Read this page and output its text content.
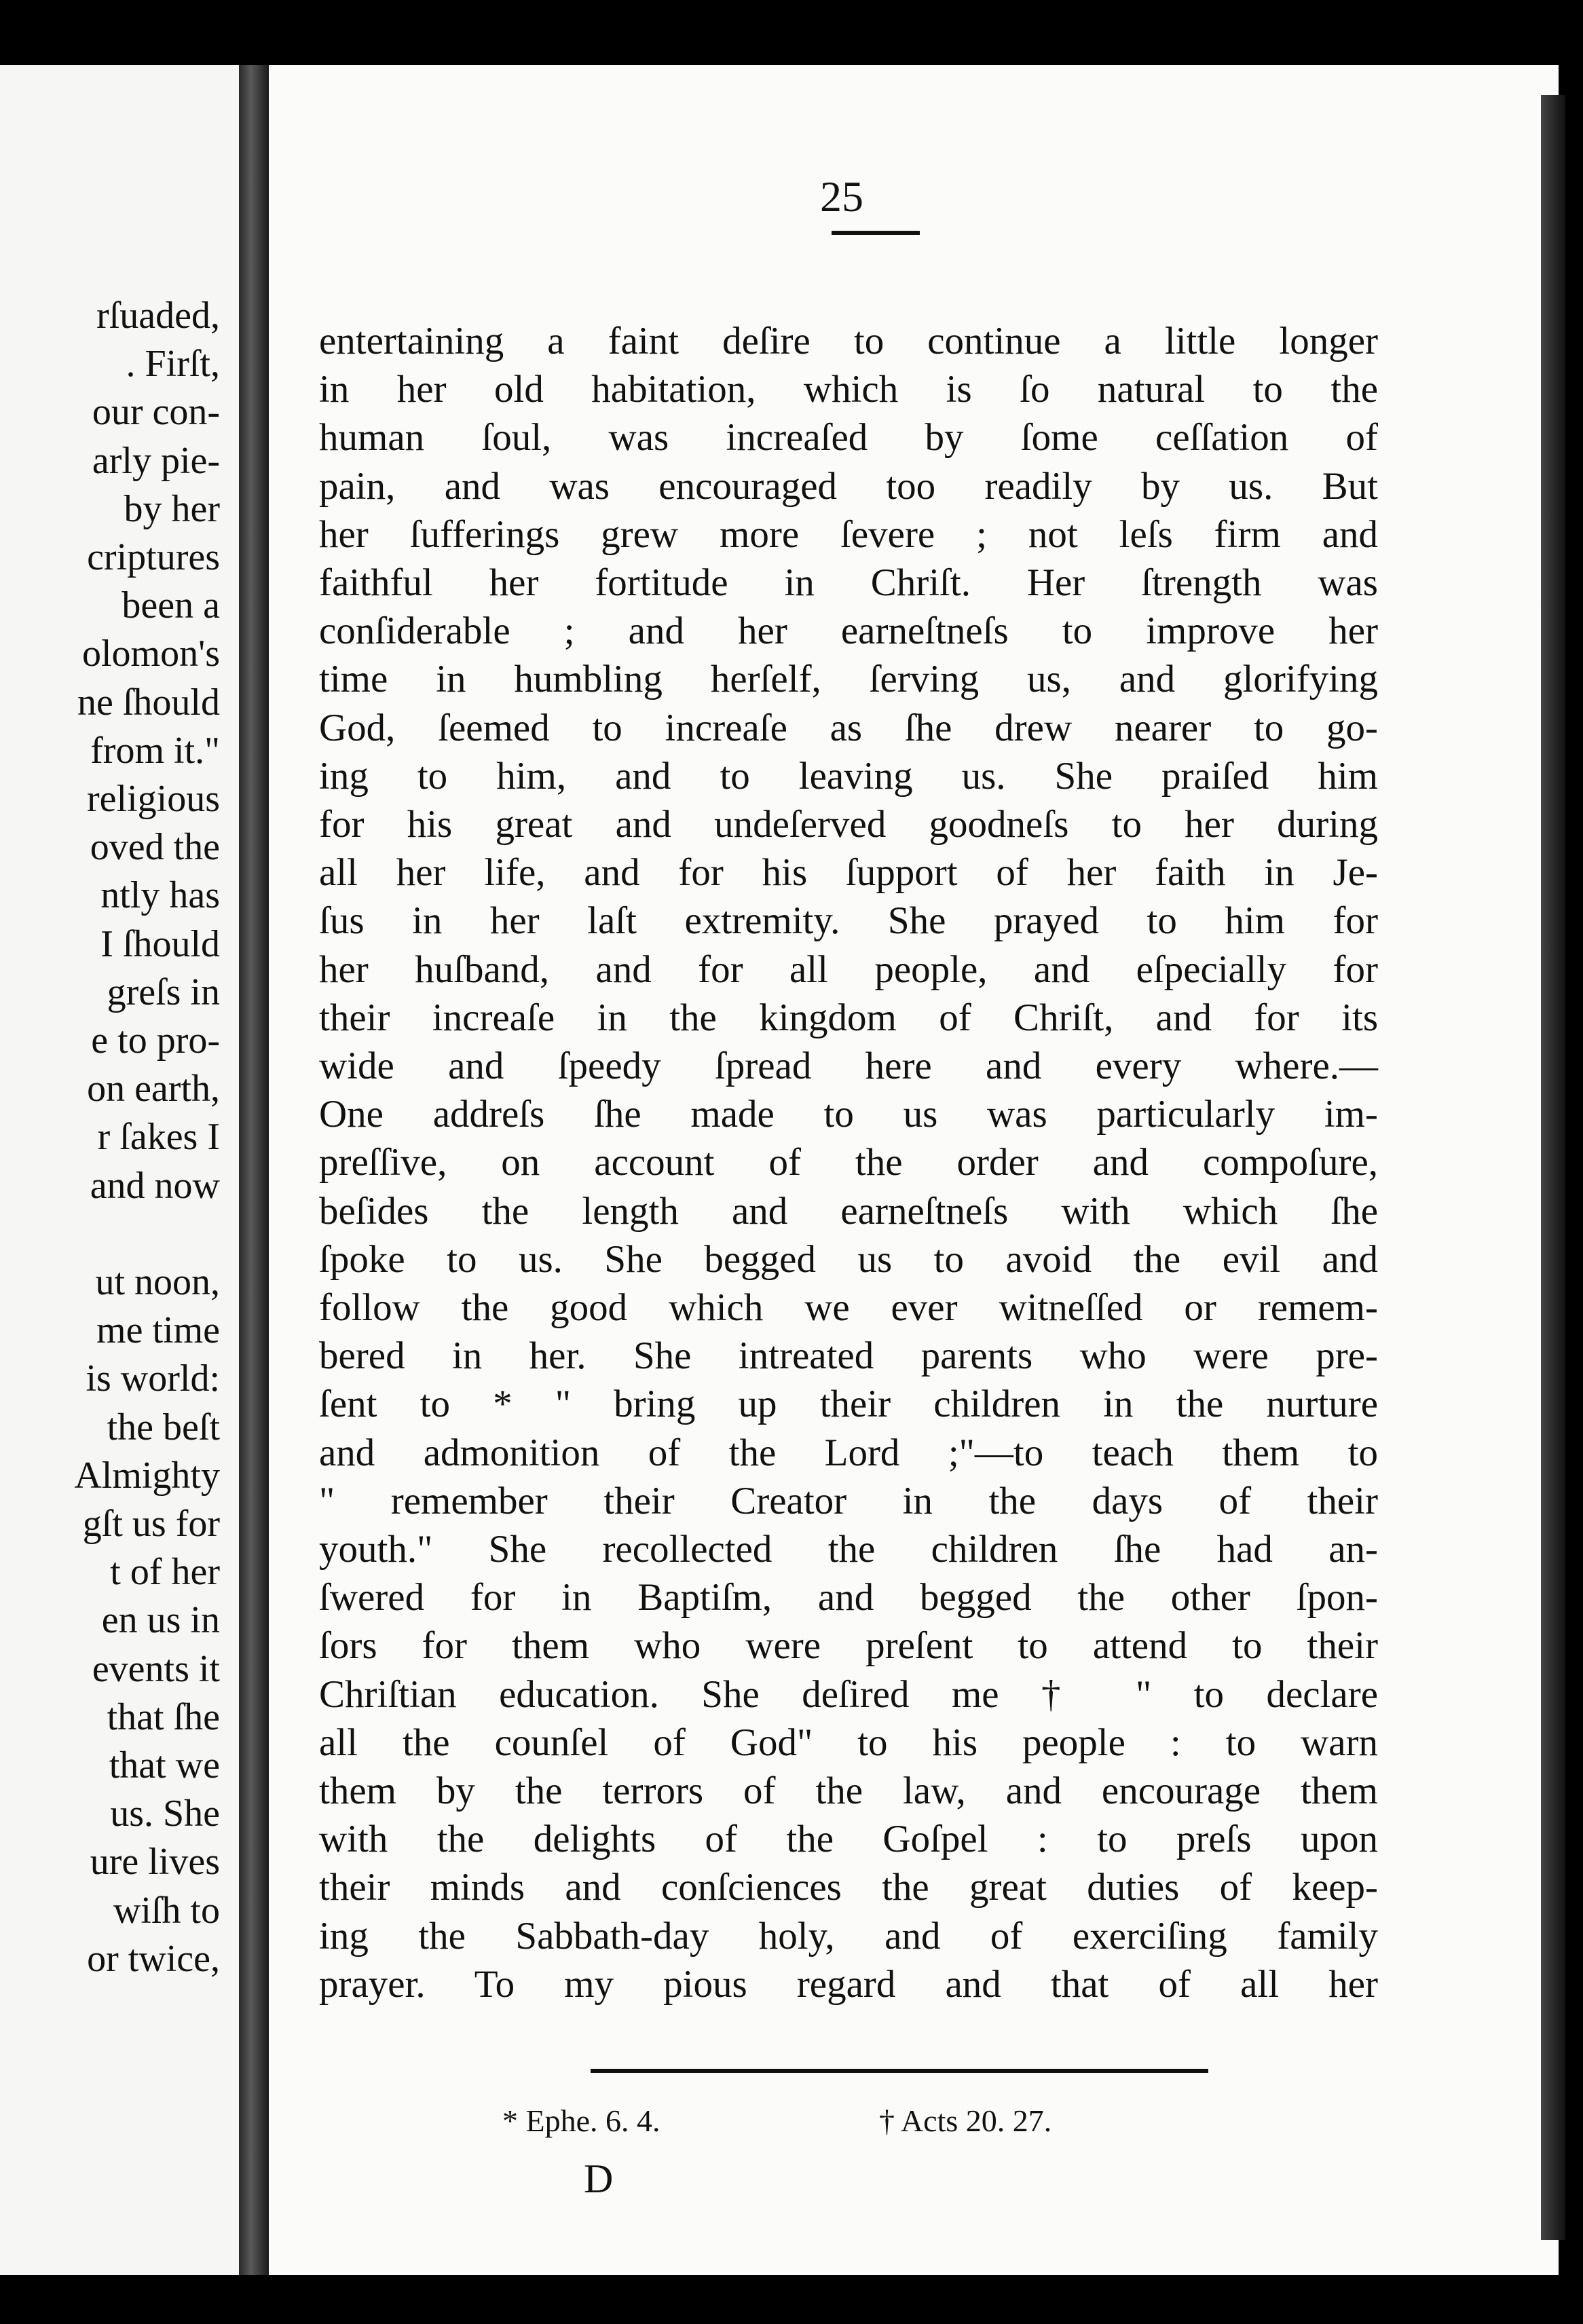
rſuaded,
. Firſt,
our con-
arly pie-
by her
criptures
been a
olomon's
ne ſhould
from it."
religious
oved the
ntly has
I ſhould
greſs in
e to pro-
on earth,
r ſakes I
and now
ut noon,
me time
is world:
the beſt
Almighty
gſt us for
t of her
en us in
events it
that ſhe
that we
us. She
ure lives
wiſh to
or twice,
25
entertaining a faint deſire to continue a little longer
in her old habitation, which is ſo natural to the
human ſoul, was increaſed by ſome ceſſation of
pain, and was encouraged too readily by us. But
her ſufferings grew more ſevere ; not leſs firm and
faithful her fortitude in Chriſt. Her ſtrength was
conſiderable ; and her earneſtneſs to improve her
time in humbling herſelf, ſerving us, and glorifying
God, ſeemed to increaſe as ſhe drew nearer to go-
ing to him, and to leaving us. She praiſed him
for his great and undeſerved goodneſs to her during
all her life, and for his ſupport of her faith in Je-
ſus in her laſt extremity. She prayed to him for
her huſband, and for all people, and eſpecially for
their increaſe in the kingdom of Chriſt, and for its
wide and ſpeedy ſpread here and every where.—
One addreſs ſhe made to us was particularly im-
preſſive, on account of the order and compoſure,
beſides the length and earneſtneſs with which ſhe
ſpoke to us. She begged us to avoid the evil and
follow the good which we ever witneſſed or remem-
bered in her. She intreated parents who were pre-
ſent to * " bring up their children in the nurture
and admonition of the Lord ;"—to teach them to
" remember their Creator in the days of their
youth." She recollected the children ſhe had an-
ſwered for in Baptiſm, and begged the other ſpon-
ſors for them who were preſent to attend to their
Chriſtian education. She deſired me † " to declare
all the counſel of God" to his people : to warn
them by the terrors of the law, and encourage them
with the delights of the Goſpel : to preſs upon
their minds and conſciences the great duties of keep-
ing the Sabbath-day holy, and of exerciſing family
prayer. To my pious regard and that of all her
* Ephe. 6. 4.	† Acts 20. 27.
D
